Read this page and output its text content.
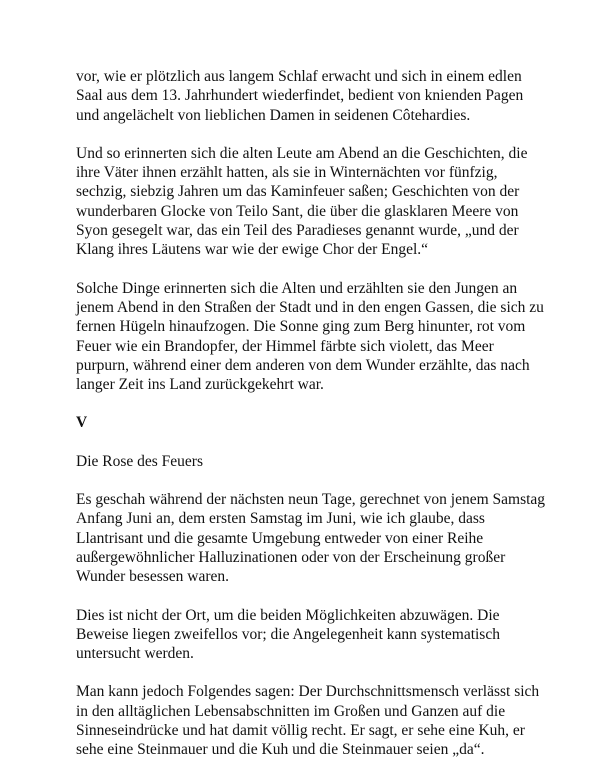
vor, wie er plötzlich aus langem Schlaf erwacht und sich in einem edlen
Saal aus dem 13. Jahrhundert wiederfindet, bedient von knienden Pagen
und angelächelt von lieblichen Damen in seidenen Côtehardies.

Und so erinnerten sich die alten Leute am Abend an die Geschichten, die
ihre Väter ihnen erzählt hatten, als sie in Winternächten vor fünfzig,
sechzig, siebzig Jahren um das Kaminfeuer saßen; Geschichten von der
wunderbaren Glocke von Teilo Sant, die über die glasklaren Meere von
Syon gesegelt war, das ein Teil des Paradieses genannt wurde, „und der
Klang ihres Läutens war wie der ewige Chor der Engel.“

Solche Dinge erinnerten sich die Alten und erzählten sie den Jungen an
jenem Abend in den Straßen der Stadt und in den engen Gassen, die sich zu
fernen Hügeln hinaufzogen. Die Sonne ging zum Berg hinunter, rot vom
Feuer wie ein Brandopfer, der Himmel färbte sich violett, das Meer
purpurn, während einer dem anderen von dem Wunder erzählte, das nach
langer Zeit ins Land zurückgekehrt war.

V

Die Rose des Feuers

Es geschah während der nächsten neun Tage, gerechnet von jenem Samstag
Anfang Juni an, dem ersten Samstag im Juni, wie ich glaube, dass
Llantrisant und die gesamte Umgebung entweder von einer Reihe
außergewöhnlicher Halluzinationen oder von der Erscheinung großer
Wunder besessen waren.

Dies ist nicht der Ort, um die beiden Möglichkeiten abzuwägen. Die
Beweise liegen zweifellos vor; die Angelegenheit kann systematisch
untersucht werden.

Man kann jedoch Folgendes sagen: Der Durchschnittsmensch verlässt sich
in den alltäglichen Lebensabschnitten im Großen und Ganzen auf die
Sinneseindrücke und hat damit völlig recht. Er sagt, er sehe eine Kuh, er
sehe eine Steinmauer und die Kuh und die Steinmauer seien „da“.
